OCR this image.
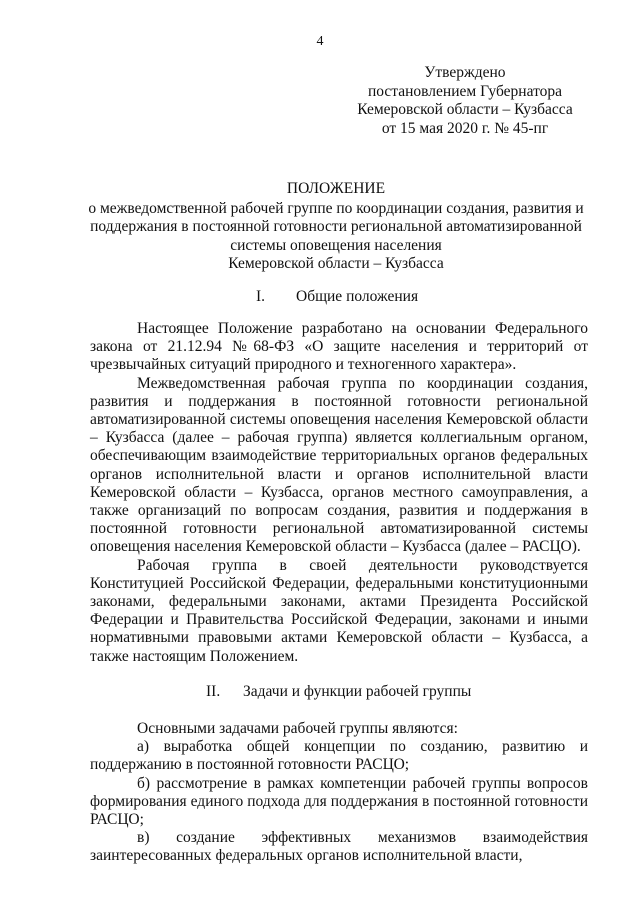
4
Утверждено
постановлением Губернатора
Кемеровской области – Кузбасса
от 15 мая 2020 г. № 45-пг
ПОЛОЖЕНИЕ
о межведомственной рабочей группе по координации создания, развития и
поддержания в постоянной готовности региональной автоматизированной
системы оповещения населения
Кемеровской области – Кузбасса
I. Общие положения

Настоящее Положение разработано на основании Федерального закона от 21.12.94 №68-ФЗ «О защите населения и территорий от чрезвычайных ситуаций природного и техногенного характера».

Межведомственная рабочая группа по координации создания, развития и поддержания в постоянной готовности региональной автоматизированной системы оповещения населения Кемеровской области – Кузбасса (далее – рабочая группа) является коллегиальным органом, обеспечивающим взаимодействие территориальных органов федеральных органов исполнительной власти и органов исполнительной власти Кемеровской области – Кузбасса, органов местного самоуправления, а также организаций по вопросам создания, развития и поддержания в постоянной готовности региональной автоматизированной системы оповещения населения Кемеровской области – Кузбасса (далее – РАСЦО).

Рабочая группа в своей деятельности руководствуется Конституцией Российской Федерации, федеральными конституционными законами, федеральными законами, актами Президента Российской Федерации и Правительства Российской Федерации, законами и иными нормативными правовыми актами Кемеровской области – Кузбасса, а также настоящим Положением.

II. Задачи и функции рабочей группы

Основными задачами рабочей группы являются:

а) выработка общей концепции по созданию, развитию и поддержанию в постоянной готовности РАСЦО;

б) рассмотрение в рамках компетенции рабочей группы вопросов формирования единого подхода для поддержания в постоянной готовности РАСЦО;

в) создание эффективных механизмов взаимодействия заинтересованных федеральных органов исполнительной власти,
